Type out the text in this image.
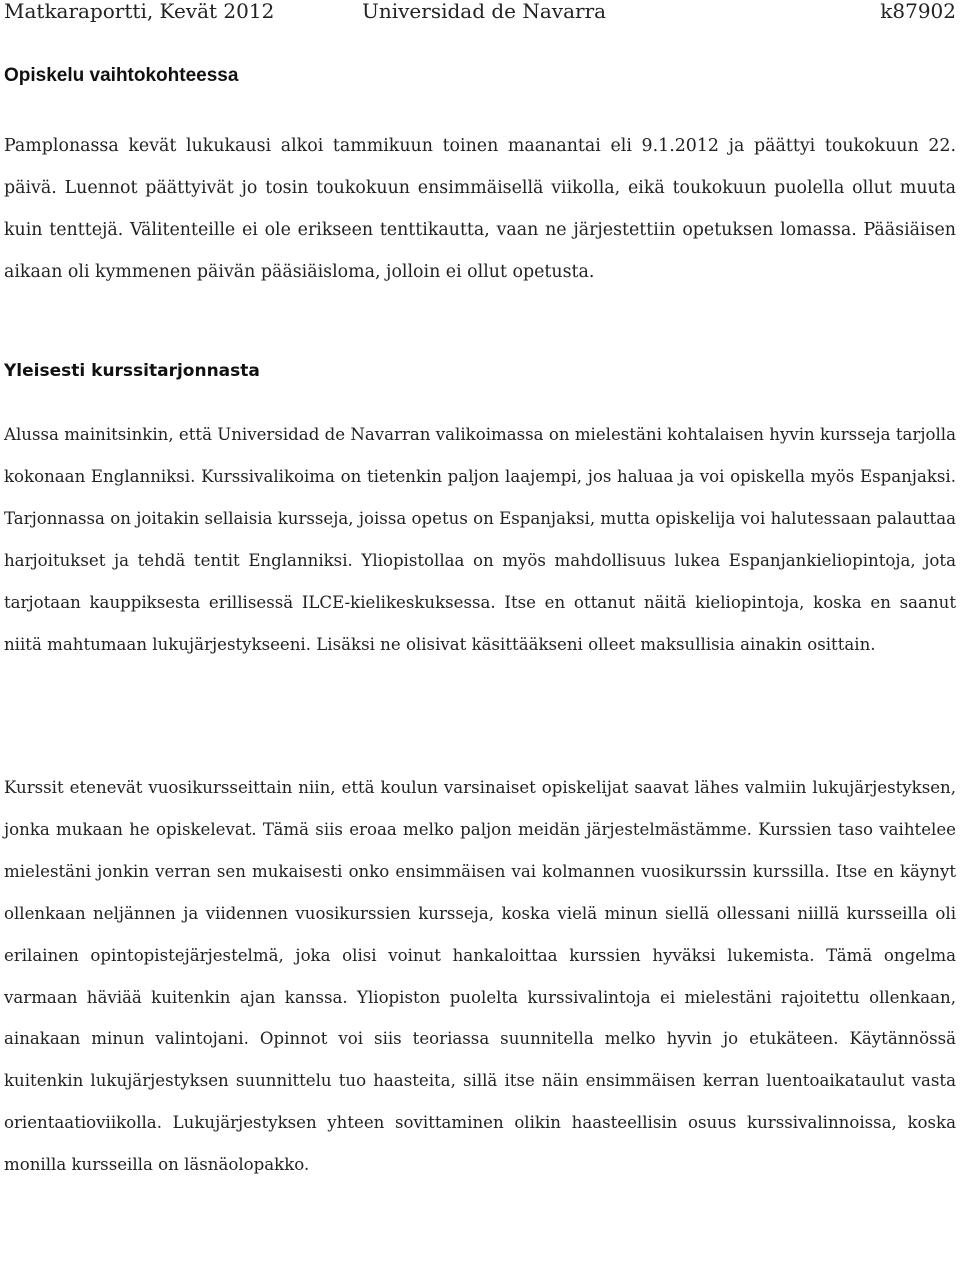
Matkaraportti, Kevät 2012	Universidad de Navarra	k87902
Opiskelu vaihtokohteessa

Pamplonassa kevät lukukausi alkoi tammikuun toinen maanantai eli 9.1.2012 ja päättyi toukokuun 22. päivä. Luennot päättyivät jo tosin toukokuun ensimmäisellä viikolla, eikä toukokuun puolella ollut muuta kuin tenttejä. Välitenteille ei ole erikseen tenttikautta, vaan ne järjestettiin opetuksen lomassa. Pääsiäisen aikaan oli kymmenen päivän pääsiäisloma, jolloin ei ollut opetusta.

Yleisesti kurssitarjonnasta

Alussa mainitsinkin, että Universidad de Navarran valikoimassa on mielestäni kohtalaisen hyvin kursseja tarjolla kokonaan Englanniksi. Kurssivalikoima on tietenkin paljon laajempi, jos haluaa ja voi opiskella myös Espanjaksi. Tarjonnassa on joitakin sellaisia kursseja, joissa opetus on Espanjaksi, mutta opiskelija voi halutessaan palauttaa harjoitukset ja tehdä tentit Englanniksi. Yliopistollaa on myös mahdollisuus lukea Espanjankieliopintoja, jota tarjotaan kauppiksesta erillisessä ILCE-kielikeskuksessa. Itse en ottanut näitä kieliopintoja, koska en saanut niitä mahtumaan lukujärjestykseeni. Lisäksi ne olisivat käsittääkseni olleet maksullisia ainakin osittain.

Kurssit etenevät vuosikursseittain niin, että koulun varsinaiset opiskelijat saavat lähes valmiin lukujärjestyksen, jonka mukaan he opiskelevat. Tämä siis eroaa melko paljon meidän järjestelmästämme. Kurssien taso vaihtelee mielestäni jonkin verran sen mukaisesti onko ensimmäisen vai kolmannen vuosikurssin kurssilla. Itse en käynyt ollenkaan neljännen ja viidennen vuosikurssien kursseja, koska vielä minun siellä ollessani niillä kursseilla oli erilainen opintopistejärjestelmä, joka olisi voinut hankaloittaa kurssien hyväksi lukemista. Tämä ongelma varmaan häviää kuitenkin ajan kanssa. Yliopiston puolelta kurssivalintoja ei mielestäni rajoitettu ollenkaan, ainakaan minun valintojani. Opinnot voi siis teoriassa suunnitella melko hyvin jo etukäteen. Käytännössä kuitenkin lukujärjestyksen suunnittelu tuo haasteita, sillä itse näin ensimmäisen kerran luentoaikataulut vasta orientaatioviikolla. Lukujärjestyksen yhteen sovittaminen olikin haasteellisin osuus kurssivalinnoissa, koska monilla kursseilla on läsnäolopakko.
